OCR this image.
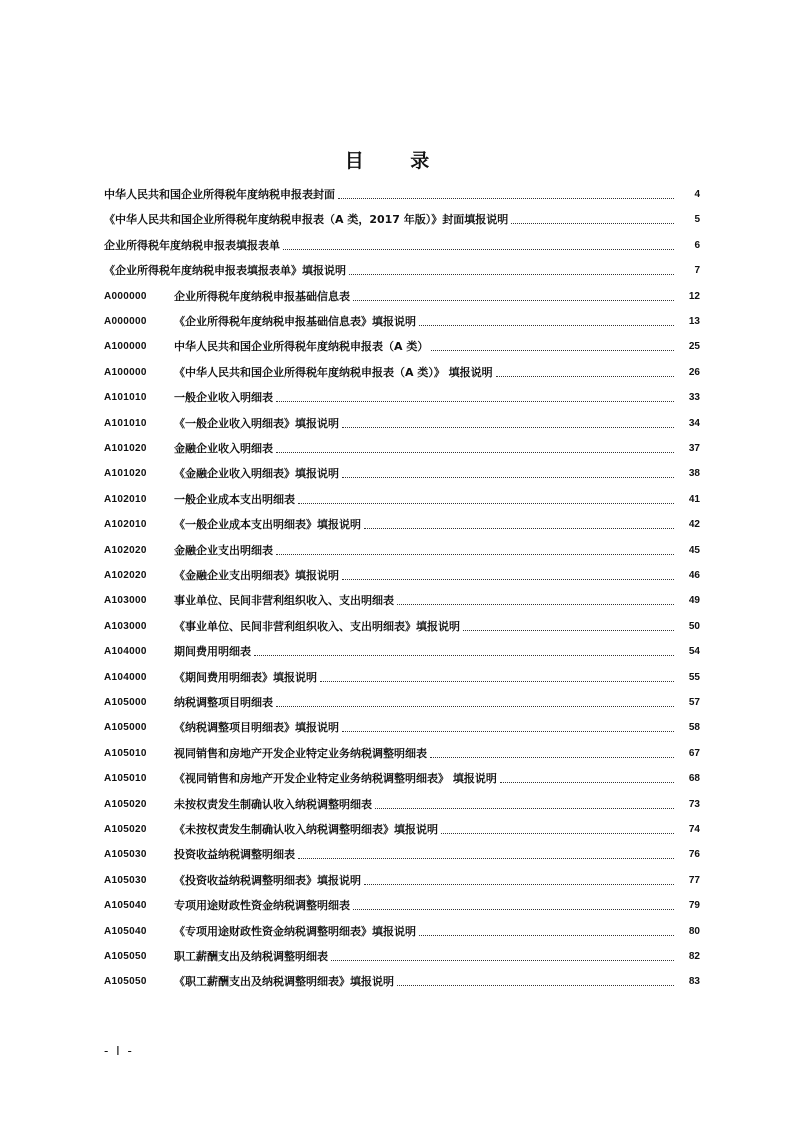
目 录
中华人民共和国企业所得税年度纳税申报表封面	4
《中华人民共和国企业所得税年度纳税申报表（A 类，2017 年版）》封面填报说明	5
企业所得税年度纳税申报表填报表单	6
《企业所得税年度纳税申报表填报表单》填报说明	7
A000000	企业所得税年度纳税申报基础信息表	12
A000000	《企业所得税年度纳税申报基础信息表》填报说明	13
A100000	中华人民共和国企业所得税年度纳税申报表（A 类）	25
A100000	《中华人民共和国企业所得税年度纳税申报表（A 类）》 填报说明	26
A101010	一般企业收入明细表	33
A101010	《一般企业收入明细表》填报说明	34
A101020	金融企业收入明细表	37
A101020	《金融企业收入明细表》填报说明	38
A102010	一般企业成本支出明细表	41
A102010	《一般企业成本支出明细表》填报说明	42
A102020	金融企业支出明细表	45
A102020	《金融企业支出明细表》填报说明	46
A103000	事业单位、民间非营利组织收入、支出明细表	49
A103000	《事业单位、民间非营利组织收入、支出明细表》填报说明	50
A104000	期间费用明细表	54
A104000	《期间费用明细表》填报说明	55
A105000	纳税调整项目明细表	57
A105000	《纳税调整项目明细表》填报说明	58
A105010	视同销售和房地产开发企业特定业务纳税调整明细表	67
A105010	《视同销售和房地产开发企业特定业务纳税调整明细表》 填报说明	68
A105020	未按权责发生制确认收入纳税调整明细表	73
A105020	《未按权责发生制确认收入纳税调整明细表》填报说明	74
A105030	投资收益纳税调整明细表	76
A105030	《投资收益纳税调整明细表》填报说明	77
A105040	专项用途财政性资金纳税调整明细表	79
A105040	《专项用途财政性资金纳税调整明细表》填报说明	80
A105050	职工薪酬支出及纳税调整明细表	82
A105050	《职工薪酬支出及纳税调整明细表》填报说明	83
- I -
